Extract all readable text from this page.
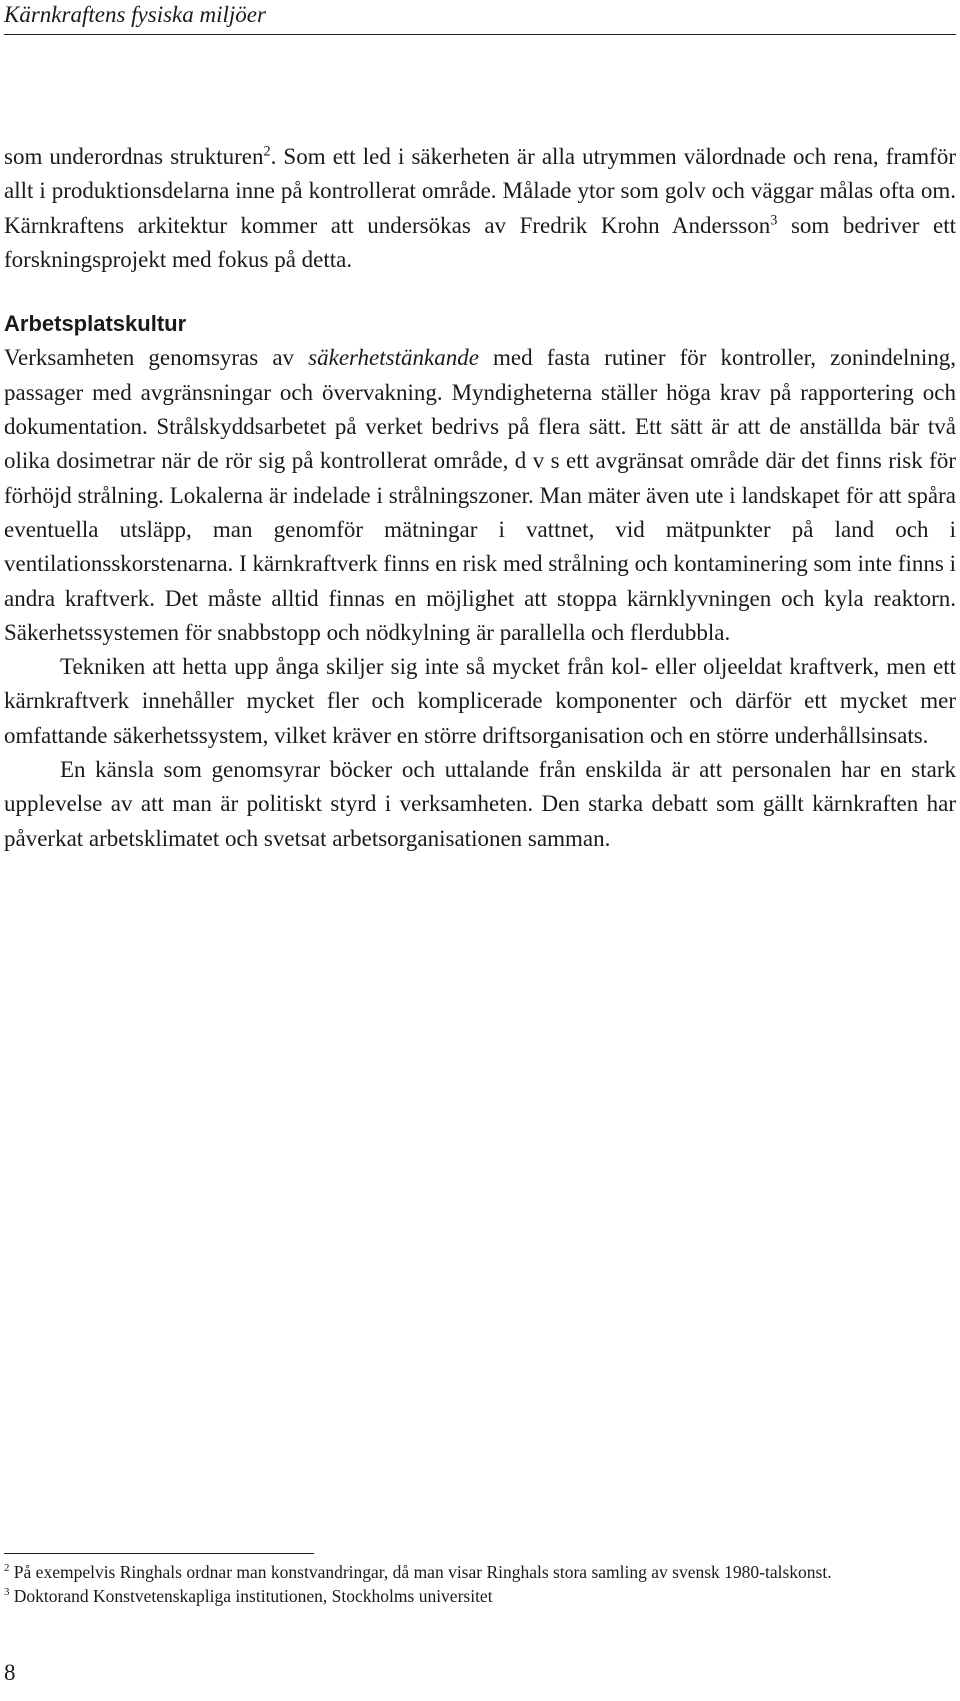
Kärnkraftens fysiska miljöer

som underordnas strukturen$^2$. Som ett led i säkerheten är alla utrymmen välordnade och rena, framför allt i produktionsdelarna inne på kontrollerat område. Målade ytor som golv och väggar målas ofta om. Kärnkraftens arkitektur kommer att undersökas av Fredrik Krohn Andersson$^3$ som bedriver ett forskningsprojekt med fokus på detta.

Arbetsplatskultur

Verksamheten genomsyras av säkerhetstänkande med fasta rutiner för kontroller, zonindelning, passager med avgränsningar och övervakning. Myndigheterna ställer höga krav på rapportering och dokumentation. Strålskyddsarbetet på verket bedrivs på flera sätt. Ett sätt är att de anställda bär två olika dosimetrar när de rör sig på kontrollerat område, d v s ett avgränsat område där det finns risk för förhöjd strålning. Lokalerna är indelade i strålningszoner. Man mäter även ute i landskapet för att spåra eventuella utsläpp, man genomför mätningar i vattnet, vid mätpunkter på land och i ventilationsskorstenarna. I kärnkraftverk finns en risk med strålning och kontaminering som inte finns i andra kraftverk. Det måste alltid finnas en möjlighet att stoppa kärnklyvningen och kyla reaktorn. Säkerhetssystemen för snabbstopp och nödkylning är parallella och flerdubbla.

Tekniken att hetta upp ånga skiljer sig inte så mycket från kol- eller oljeeldat kraftverk, men ett kärnkraftverk innehåller mycket fler och komplicerade komponenter och därför ett mycket mer omfattande säkerhetssystem, vilket kräver en större driftsorganisation och en större underhållsinsats.

En känsla som genomsyrar böcker och uttalande från enskilda är att personalen har en stark upplevelse av att man är politiskt styrd i verksamheten. Den starka debatt som gällt kärnkraften har påverkat arbetsklimatet och svetsat arbetsorganisationen samman.

$^2$ På exempelvis Ringhals ordnar man konstvandringar, då man visar Ringhals stora samling av svensk 1980-talskonst.

$^3$ Doktorand Konstvetenskapliga institutionen, Stockholms universitet

8
